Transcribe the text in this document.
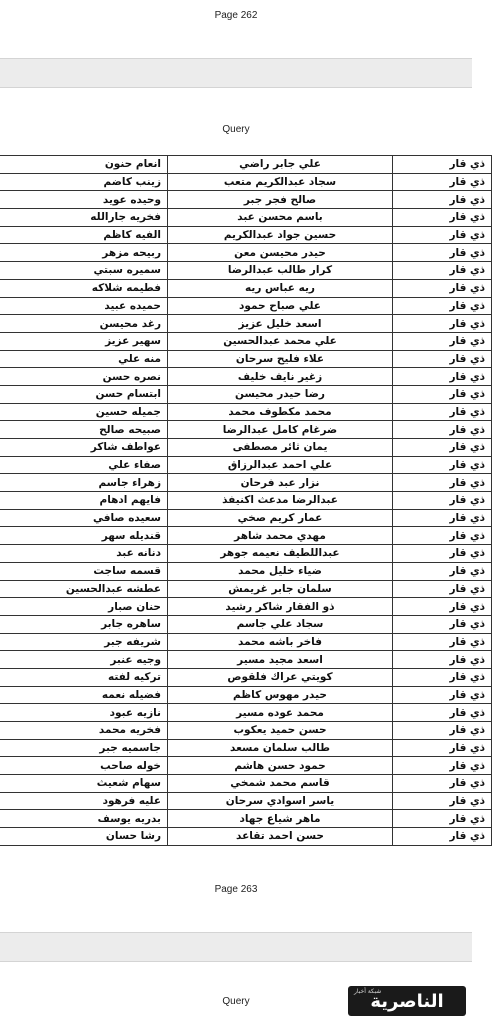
Page 262
Query
انعام حنون	علي جابر راضي	ذي قار
زينب كاضم	سجاد عبدالكريم متعب	ذي قار
وحيده عويد	صالح فجر جبر	ذي قار
فخريه جارالله	باسم محسن عبد	ذي قار
الفيه كاظم	حسين جواد عبدالكريم	ذي قار
ربيحه مزهر	حيدر محيسن معن	ذي قار
سميره سبتي	كرار طالب عبدالرضا	ذي قار
فطيمه شلاكه	ريه عباس ريه	ذي قار
حميده عبيد	علي صباح حمود	ذي قار
رغد محيسن	اسعد خليل عزيز	ذي قار
سهير عزيز	علي محمد عبدالحسين	ذي قار
منه علي	علاء فليح سرحان	ذي قار
نصره حسن	زغير نايف خليف	ذي قار
ابتسام حسن	رضا حيدر محيسن	ذي قار
جميله حسين	محمد مكطوف محمد	ذي قار
صبيحه صالح	ضرغام كامل عبدالرضا	ذي قار
عواطف شاكر	يمان ثائر مصطفى	ذي قار
صفاء علي	علي احمد عبدالرزاق	ذي قار
زهراء جاسم	نزار عبد فرحان	ذي قار
فايهم ادهام	عبدالرضا مدعث اكنيفذ	ذي قار
سعيده صافي	عمار كريم صخي	ذي قار
قنديله سهر	مهدي محمد شاهر	ذي قار
دنانه عبد	عبداللطيف نعيمه جوهر	ذي قار
قسمه ساجت	ضياء خليل محمد	ذي قار
عطشه عبدالحسين	سلمان جابر غريمش	ذي قار
حنان صبار	ذو الفقار شاكر رشيد	ذي قار
ساهره جابر	سجاد علي جاسم	ذي قار
شريفه جبر	فاخر باشه محمد	ذي قار
وجيه عنبر	اسعد مجيد مسير	ذي قار
تركيه لفته	كويتي عراك فلقوص	ذي قار
فضيله نعمه	حيدر مهوس كاظم	ذي قار
نازيه عبود	محمد عوده مسير	ذي قار
فخريه محمد	حسن حميد يعكوب	ذي قار
جاسميه جبر	طالب سلمان مسعد	ذي قار
خوله صاحب	حمود حسن هاشم	ذي قار
سهام شعيث	قاسم محمد شمخي	ذي قار
عليه فرهود	ياسر اسوادي سرحان	ذي قار
بدريه يوسف	ماهر شياع جهاد	ذي قار
رشا حسان	حسن احمد تقاعد	ذي قار
Page 263
Query
شبكة أخبار
الناصرية
